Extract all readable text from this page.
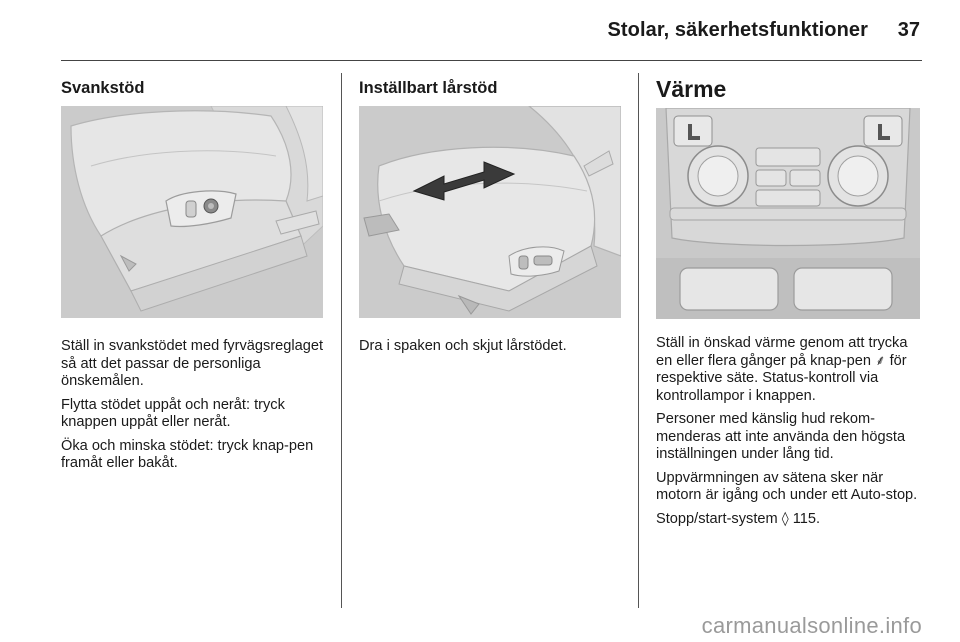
Stolar, säkerhetsfunktioner 37
Svankstöd

Ställ in svankstödet med fyrvägsreglaget så att det passar de personliga önskemålen.

Flytta stödet uppåt och neråt: tryck knappen uppåt eller neråt.

Öka och minska stödet: tryck knap-pen framåt eller bakåt.

Inställbart lårstöd

Dra i spaken och skjut lårstödet.

Värme

Ställ in önskad värme genom att trycka en eller flera gånger på knap-pen ⸙ för respektive säte. Status-kontroll via kontrollampor i knappen.

Personer med känslig hud rekom-menderas att inte använda den högsta inställningen under lång tid.

Uppvärmningen av sätena sker när motorn är igång och under ett Auto-stop.

Stopp/start-system ◊ 115.

carmanualsonline.info
